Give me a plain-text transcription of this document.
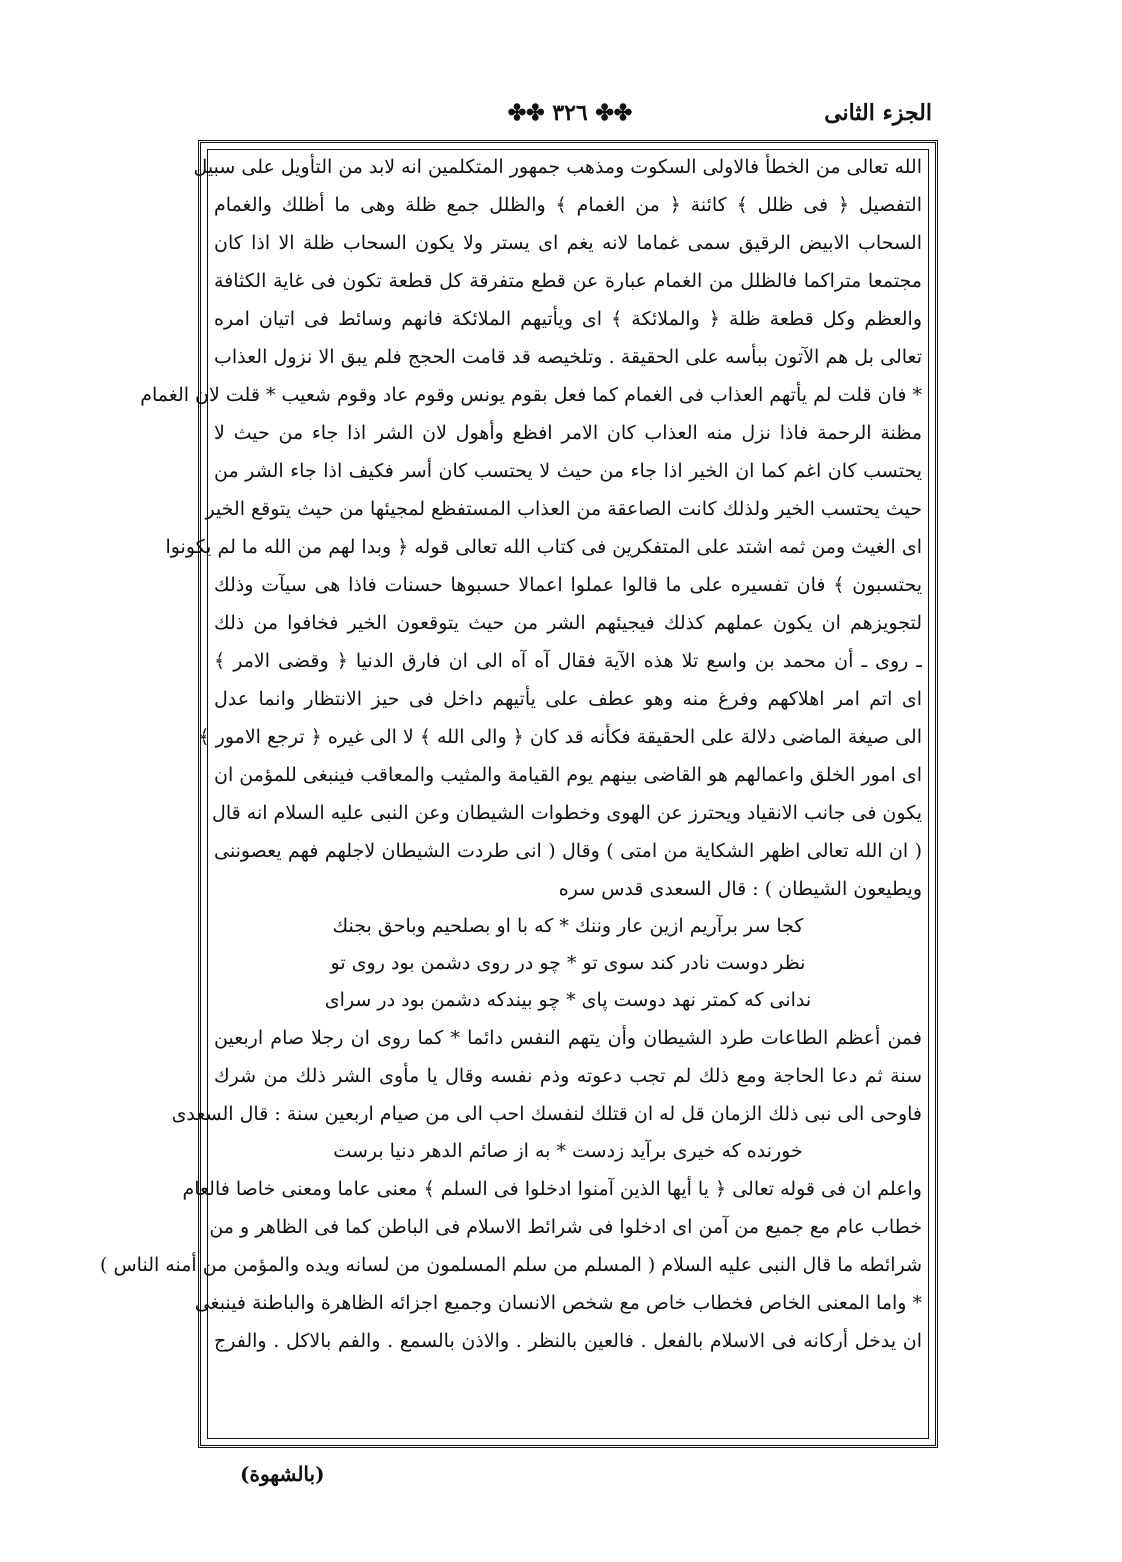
الجزء الثانى
✤✤ ۳۲٦ ✤✤
الله تعالى من الخطأ فالاولى السكوت ومذهب جمهور المتكلمين انه لابد من التأويل على سبيل
التفصيل ﴿ فى ظلل ﴾ كائنة ﴿ من الغمام ﴾ والظلل جمع ظلة وهى ما أظلك والغمام
السحاب الابيض الرقيق سمى غماما لانه يغم اى يستر ولا يكون السحاب ظلة الا اذا كان
مجتمعا متراكما فالظلل من الغمام عبارة عن قطع متفرقة كل قطعة تكون فى غاية الكثافة
والعظم وكل قطعة ظلة ﴿ والملائكة ﴾ اى ويأتيهم الملائكة فانهم وسائط فى اتيان امره
تعالى بل هم الآتون ببأسه على الحقيقة . وتلخيصه قد قامت الحجج فلم يبق الا نزول العذاب
* فان قلت لم يأتهم العذاب فى الغمام كما فعل بقوم يونس وقوم عاد وقوم شعيب * قلت لان الغمام
مظنة الرحمة فاذا نزل منه العذاب كان الامر افظع وأهول لان الشر اذا جاء من حيث لا
يحتسب كان اغم كما ان الخير اذا جاء من حيث لا يحتسب كان أسر فكيف اذا جاء الشر من
حيث يحتسب الخير ولذلك كانت الصاعقة من العذاب المستفظع لمجيئها من حيث يتوقع الخير
اى الغيث ومن ثمه اشتد على المتفكرين فى كتاب الله تعالى قوله ﴿ وبدا لهم من الله ما لم يكونوا
يحتسبون ﴾ فان تفسيره على ما قالوا عملوا اعمالا حسبوها حسنات فاذا هى سيآت وذلك
لتجويزهم ان يكون عملهم كذلك فيجيئهم الشر من حيث يتوقعون الخير فخافوا من ذلك
ـ روى ـ أن محمد بن واسع تلا هذه الآية فقال آه آه الى ان فارق الدنيا ﴿ وقضى الامر ﴾
اى اتم امر اهلاكهم وفرغ منه وهو عطف على يأتيهم داخل فى حيز الانتظار وانما عدل
الى صيغة الماضى دلالة على الحقيقة فكأنه قد كان ﴿ والى الله ﴾ لا الى غيره ﴿ ترجع الامور ﴾
اى امور الخلق واعمالهم هو القاضى بينهم يوم القيامة والمثيب والمعاقب فينبغى للمؤمن ان
يكون فى جانب الانقياد ويحترز عن الهوى وخطوات الشيطان وعن النبى عليه السلام انه قال
( ان الله تعالى اظهر الشكاية من امتى ) وقال ( انى طردت الشيطان لاجلهم فهم يعصوننى
ويطيعون الشيطان ) : قال السعدى قدس سره
كجا سر برآريم ازين عار وننك * كه با او بصلحيم وباحق بجنك
نظر دوست نادر كند سوى تو * چو در روى دشمن بود روى تو
ندانى كه كمتر نهد دوست پاى * چو بيندكه دشمن بود در سراى
فمن أعظم الطاعات طرد الشيطان وأن يتهم النفس دائما * كما روى ان رجلا صام اربعين
سنة ثم دعا الحاجة ومع ذلك لم تجب دعوته وذم نفسه وقال يا مأوى الشر ذلك من شرك
فاوحى الى نبى ذلك الزمان قل له ان قتلك لنفسك احب الى من صيام اربعين سنة : قال السعدى
خورنده كه خيرى برآيد زدست * به از صائم الدهر دنيا برست
واعلم ان فى قوله تعالى ﴿ يا أيها الذين آمنوا ادخلوا فى السلم ﴾ معنى عاما ومعنى خاصا فالعام
خطاب عام مع جميع من آمن اى ادخلوا فى شرائط الاسلام فى الباطن كما فى الظاهر و من
شرائطه ما قال النبى عليه السلام ( المسلم من سلم المسلمون من لسانه ويده والمؤمن من أمنه الناس )
* واما المعنى الخاص فخطاب خاص مع شخص الانسان وجميع اجزائه الظاهرة والباطنة فينبغى
ان يدخل أركانه فى الاسلام بالفعل . فالعين بالنظر . والاذن بالسمع . والفم بالاكل . والفرج
(بالشهوة)
